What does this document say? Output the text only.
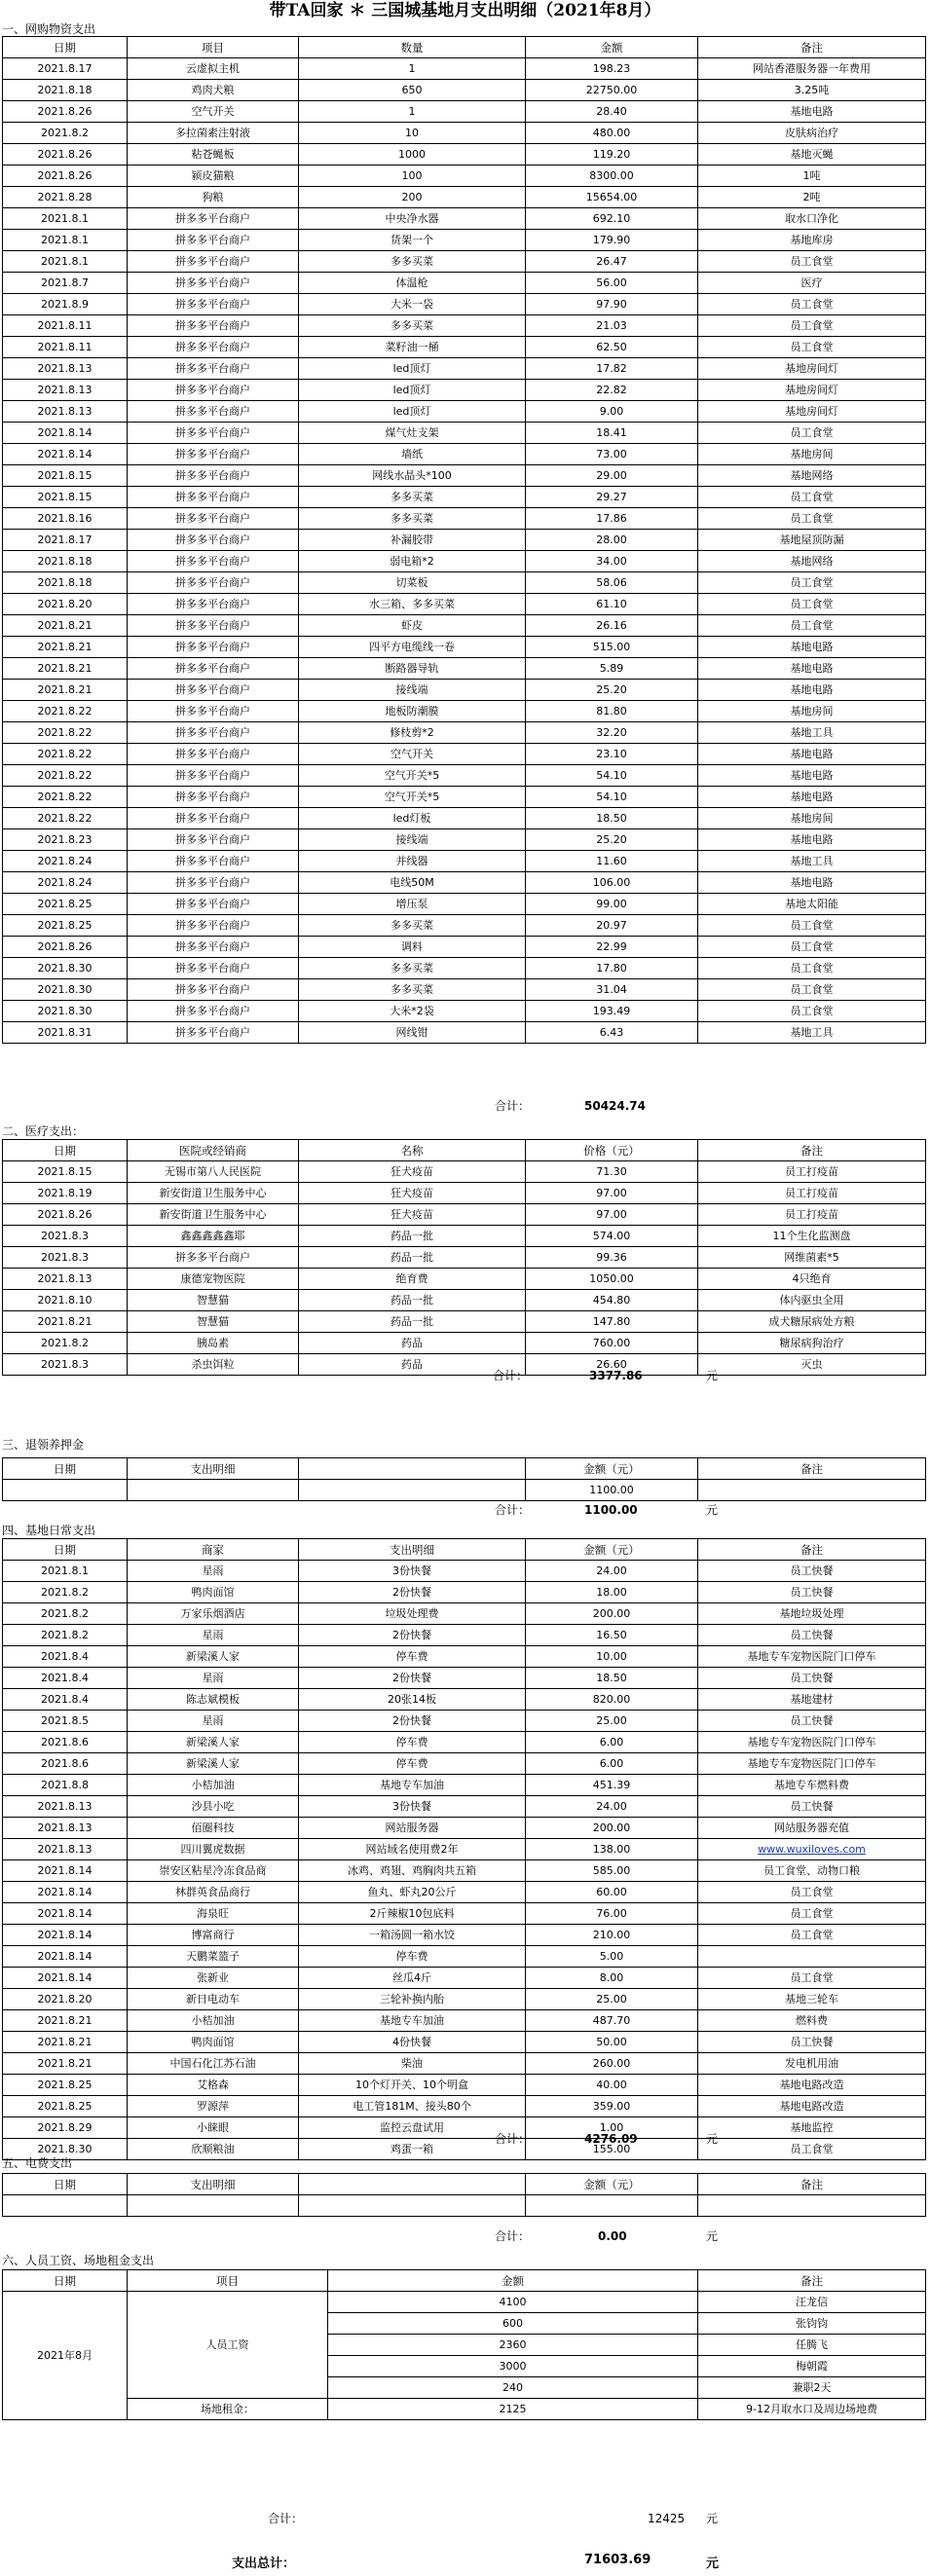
带TA回家 ＊ 三国城基地月支出明细（2021年8月）
一、网购物资支出
日期	项目	数量	金额	备注
2021.8.17	云虚拟主机	1	198.23	网站香港服务器一年费用
2021.8.18	鸡肉犬粮	650	22750.00	3.25吨
2021.8.26	空气开关	1	28.40	基地电路
2021.8.2	多拉菌素注射液	10	480.00	皮肤病治疗
2021.8.26	粘苍蝇板	1000	119.20	基地灭蝇
2021.8.26	颍皮猫粮	100	8300.00	1吨
2021.8.28	狗粮	200	15654.00	2吨
2021.8.1	拼多多平台商户	中央净水器	692.10	取水口净化
2021.8.1	拼多多平台商户	货架一个	179.90	基地库房
2021.8.1	拼多多平台商户	多多买菜	26.47	员工食堂
2021.8.7	拼多多平台商户	体温枪	56.00	医疗
2021.8.9	拼多多平台商户	大米一袋	97.90	员工食堂
2021.8.11	拼多多平台商户	多多买菜	21.03	员工食堂
2021.8.11	拼多多平台商户	菜籽油一桶	62.50	员工食堂
2021.8.13	拼多多平台商户	led顶灯	17.82	基地房间灯
2021.8.13	拼多多平台商户	led顶灯	22.82	基地房间灯
2021.8.13	拼多多平台商户	led顶灯	9.00	基地房间灯
2021.8.14	拼多多平台商户	煤气灶支架	18.41	员工食堂
2021.8.14	拼多多平台商户	墙纸	73.00	基地房间
2021.8.15	拼多多平台商户	网线水晶头*100	29.00	基地网络
2021.8.15	拼多多平台商户	多多买菜	29.27	员工食堂
2021.8.16	拼多多平台商户	多多买菜	17.86	员工食堂
2021.8.17	拼多多平台商户	补漏胶带	28.00	基地屋顶防漏
2021.8.18	拼多多平台商户	弱电箱*2	34.00	基地网络
2021.8.18	拼多多平台商户	切菜板	58.06	员工食堂
2021.8.20	拼多多平台商户	水三箱、多多买菜	61.10	员工食堂
2021.8.21	拼多多平台商户	虾皮	26.16	员工食堂
2021.8.21	拼多多平台商户	四平方电缆线一卷	515.00	基地电路
2021.8.21	拼多多平台商户	断路器导轨	5.89	基地电路
2021.8.21	拼多多平台商户	接线端	25.20	基地电路
2021.8.22	拼多多平台商户	地板防潮膜	81.80	基地房间
2021.8.22	拼多多平台商户	修枝剪*2	32.20	基地工具
2021.8.22	拼多多平台商户	空气开关	23.10	基地电路
2021.8.22	拼多多平台商户	空气开关*5	54.10	基地电路
2021.8.22	拼多多平台商户	空气开关*5	54.10	基地电路
2021.8.22	拼多多平台商户	led灯板	18.50	基地房间
2021.8.23	拼多多平台商户	接线端	25.20	基地电路
2021.8.24	拼多多平台商户	并线器	11.60	基地工具
2021.8.24	拼多多平台商户	电线50M	106.00	基地电路
2021.8.25	拼多多平台商户	增压泵	99.00	基地太阳能
2021.8.25	拼多多平台商户	多多买菜	20.97	员工食堂
2021.8.26	拼多多平台商户	调料	22.99	员工食堂
2021.8.30	拼多多平台商户	多多买菜	17.80	员工食堂
2021.8.30	拼多多平台商户	多多买菜	31.04	员工食堂
2021.8.30	拼多多平台商户	大米*2袋	193.49	员工食堂
2021.8.31	拼多多平台商户	网线钳	6.43	基地工具
合计：	50424.74
二、医疗支出：
日期	医院或经销商	名称	价格（元）	备注
2021.8.15	无锡市第八人民医院	狂犬疫苗	71.30	员工打疫苗
2021.8.19	新安街道卫生服务中心	狂犬疫苗	97.00	员工打疫苗
2021.8.26	新安街道卫生服务中心	狂犬疫苗	97.00	员工打疫苗
2021.8.3	鑫鑫鑫鑫鑫耶	药品一批	574.00	11个生化监测盘
2021.8.3	拼多多平台商户	药品一批	99.36	网维菌素*5
2021.8.13	康德宠物医院	绝育费	1050.00	4只绝育
2021.8.10	智慧猫	药品一批	454.80	体内驱虫全用
2021.8.21	智慧猫	药品一批	147.80	成犬糖尿病处方粮
2021.8.2	胰岛素	药品	760.00	糖尿病狗治疗
2021.8.3	杀虫饵粒	药品	26.60	灭虫
合计：	3377.86	元
三、退领养押金
日期	支出明细		金额（元）	备注
			1100.00	
合计：	1100.00	元
四、基地日常支出
日期	商家	支出明细	金额（元）	备注
2021.8.1	星雨	3份快餐	24.00	员工快餐
2021.8.2	鸭肉面馆	2份快餐	18.00	员工快餐
2021.8.2	万家乐烟酒店	垃圾处理费	200.00	基地垃圾处理
2021.8.2	星雨	2份快餐	16.50	员工快餐
2021.8.4	新梁溪人家	停车费	10.00	基地专车宠物医院门口停车
2021.8.4	星雨	2份快餐	18.50	员工快餐
2021.8.4	陈志斌模板	20张14板	820.00	基地建材
2021.8.5	星雨	2份快餐	25.00	员工快餐
2021.8.6	新梁溪人家	停车费	6.00	基地专车宠物医院门口停车
2021.8.6	新梁溪人家	停车费	6.00	基地专车宠物医院门口停车
2021.8.8	小桔加油	基地专车加油	451.39	基地专车燃料费
2021.8.13	沙县小吃	3份快餐	24.00	员工快餐
2021.8.13	佰圈科技	网站服务器	200.00	网站服务器充值
2021.8.13	四川翼虎数据	网站域名使用费2年	138.00	www.wuxiloves.com
2021.8.14	崇安区粘星冷冻食品商	冰鸡、鸡翅、鸡胸肉共五箱	585.00	员工食堂、动物口粮
2021.8.14	林群英食品商行	鱼丸、虾丸20公斤	60.00	员工食堂
2021.8.14	海泉旺	2斤辣椒10包底料	76.00	员工食堂
2021.8.14	博富商行	一箱汤圆一箱水饺	210.00	员工食堂
2021.8.14	天鹏菜篮子	停车费	5.00	
2021.8.14	张新业	丝瓜4斤	8.00	员工食堂
2021.8.20	新日电动车	三轮补换内胎	25.00	基地三轮车
2021.8.21	小桔加油	基地专车加油	487.70	燃料费
2021.8.21	鸭肉面馆	4份快餐	50.00	员工快餐
2021.8.21	中国石化江苏石油	柴油	260.00	发电机用油
2021.8.25	艾格森	10个灯开关、10个明盒	40.00	基地电路改造
2021.8.25	罗源萍	电工管181M、接头80个	359.00	基地电路改造
2021.8.29	小睐眼	监控云盘试用	1.00	基地监控
2021.8.30	欣顺粮油	鸡蛋一箱	155.00	员工食堂
合计：	4276.09	元
五、电费支出
日期	支出明细		金额（元）	备注

合计：	0.00	元
六、人员工资、场地租金支出
日期	项目	金额	备注
2021年8月	人员工资	4100	汪龙信
		600	张钧钧
		2360	任腾飞
		3000	梅朝霞
		240	兼职2天
	场地租金：	2125	9-12月取水口及周边场地费
合计：	12425 元
支出总计：	71603.69	元
